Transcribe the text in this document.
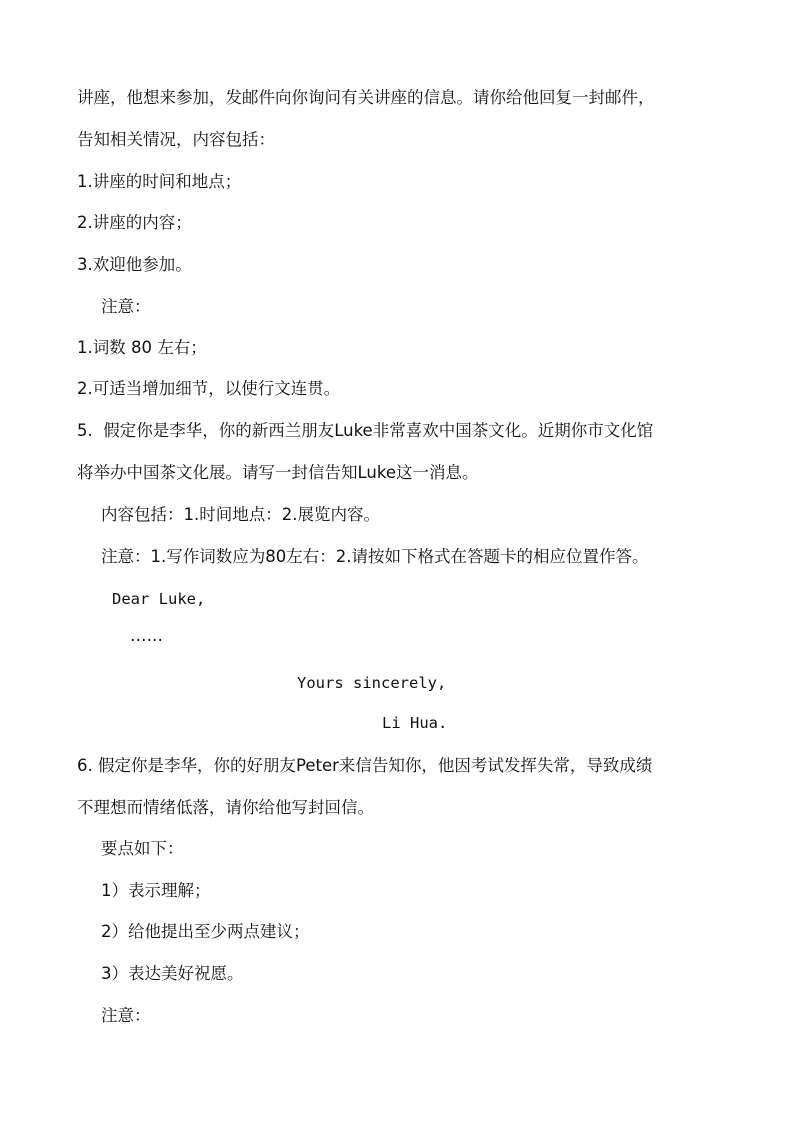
讲座，他想来参加，发邮件向你询问有关讲座的信息。请你给他回复一封邮件，
告知相关情况，内容包括：
1.讲座的时间和地点；
2.讲座的内容；
3.欢迎他参加。
注意：
1.词数 80 左右；
2.可适当增加细节，以使行文连贯。
5.  假定你是李华，你的新西兰朋友Luke非常喜欢中国茶文化。近期你市文化馆
将举办中国茶文化展。请写一封信告知Luke这一消息。
内容包括：1.时间地点：2.展览内容。
注意：1.写作词数应为80左右：2.请按如下格式在答题卡的相应位置作答。
Dear Luke,
……
Yours sincerely,
Li Hua.
6. 假定你是李华，你的好朋友Peter来信告知你，他因考试发挥失常，导致成绩
不理想而情绪低落，请你给他写封回信。
要点如下：
1）表示理解；
2）给他提出至少两点建议；
3）表达美好祝愿。
注意：
